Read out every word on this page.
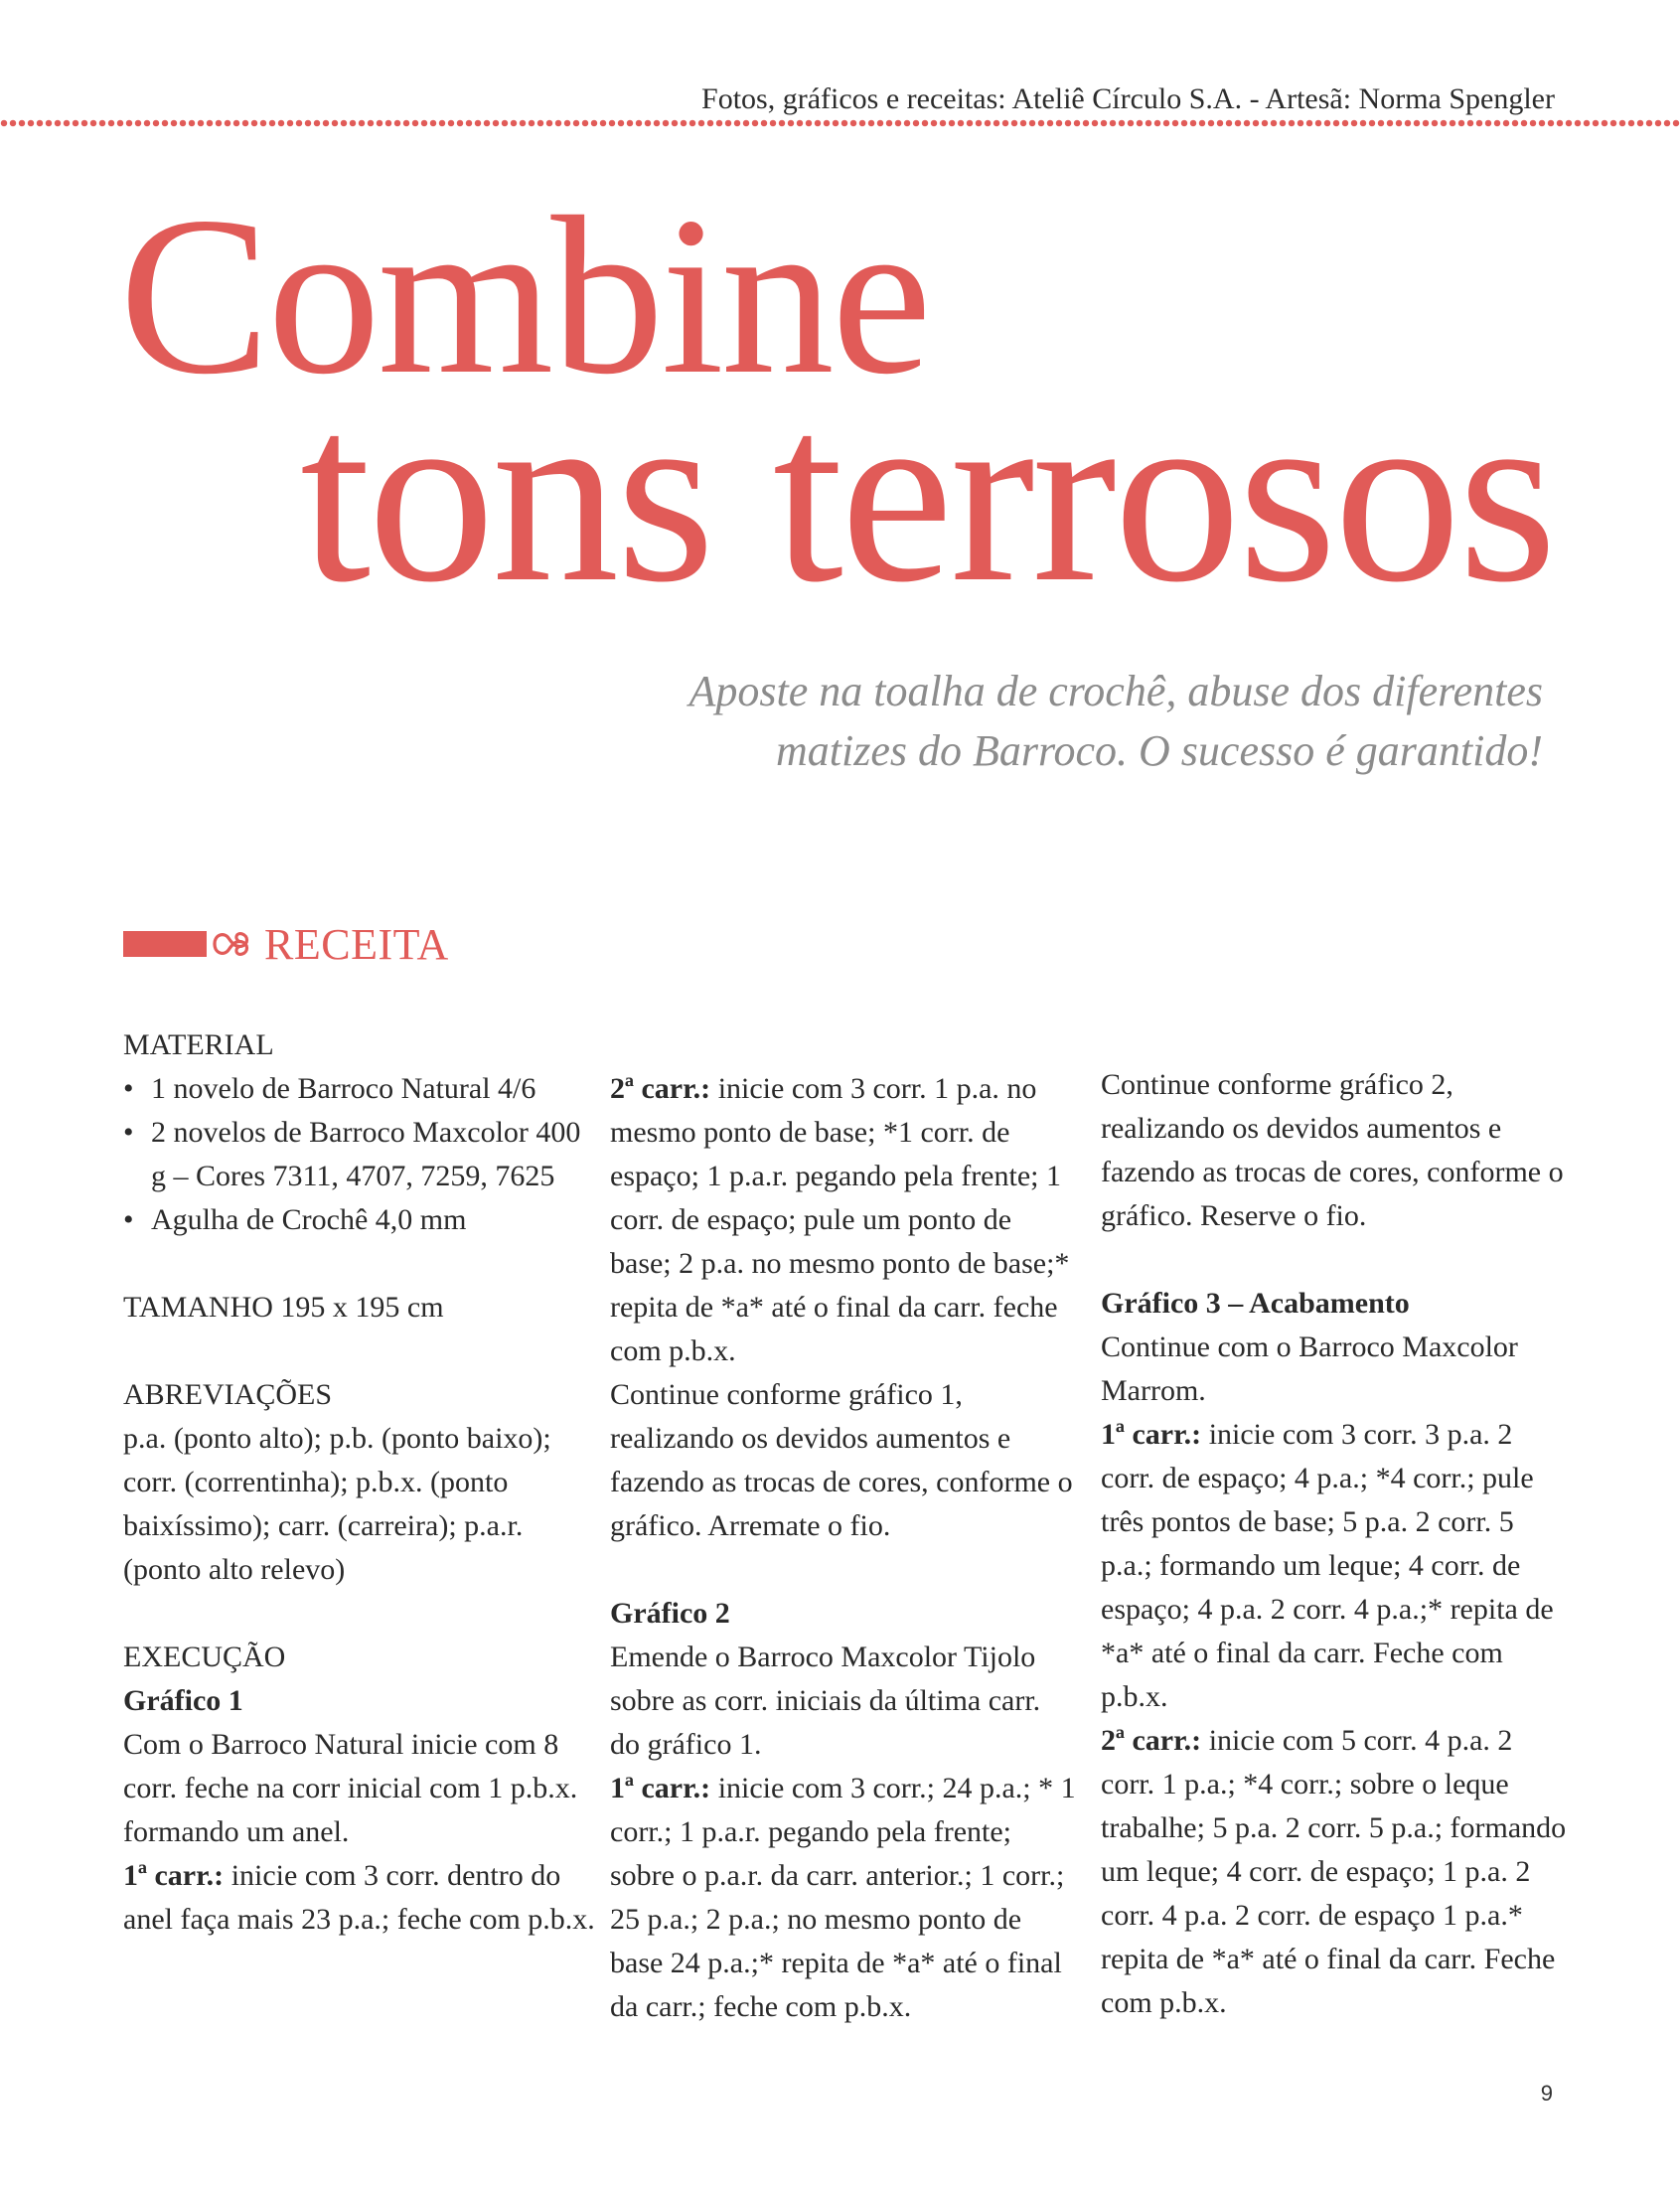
Fotos, gráficos e receitas: Ateliê Círculo S.A. - Artesã: Norma Spengler
Combine
tons terrosos
Aposte na toalha de crochê, abuse dos diferentes
matizes do Barroco. O sucesso é garantido!
RECEITA

MATERIAL

• 1 novelo de Barroco Natural 4/6
• 2 novelos de Barroco Maxcolor 400 g – Cores 7311, 4707, 7259, 7625
• Agulha de Crochê 4,0 mm

TAMANHO 195 x 195 cm

ABREVIAÇÕES

p.a. (ponto alto); p.b. (ponto baixo); corr. (correntinha); p.b.x. (ponto baixíssimo); carr. (carreira); p.a.r. (ponto alto relevo)

EXECUÇÃO

Gráfico 1

Com o Barroco Natural inicie com 8 corr. feche na corr inicial com 1 p.b.x. formando um anel.

1ª carr.: inicie com 3 corr. dentro do anel faça mais 23 p.a.; feche com p.b.x.

2ª carr.: inicie com 3 corr. 1 p.a. no mesmo ponto de base; *1 corr. de espaço; 1 p.a.r. pegando pela frente; 1 corr. de espaço; pule um ponto de base; 2 p.a. no mesmo ponto de base;* repita de *a* até o final da carr. feche com p.b.x.

Continue conforme gráfico 1, realizando os devidos aumentos e fazendo as trocas de cores, conforme o gráfico. Arremate o fio.

Gráfico 2

Emende o Barroco Maxcolor Tijolo sobre as corr. iniciais da última carr. do gráfico 1.

1ª carr.: inicie com 3 corr.; 24 p.a.; * 1 corr.; 1 p.a.r. pegando pela frente; sobre o p.a.r. da carr. anterior.; 1 corr.; 25 p.a.; 2 p.a.; no mesmo ponto de base 24 p.a.;* repita de *a* até o final da carr.; feche com p.b.x.

Continue conforme gráfico 2, realizando os devidos aumentos e fazendo as trocas de cores, conforme o gráfico. Reserve o fio.

Gráfico 3 – Acabamento

Continue com o Barroco Maxcolor Marrom.

1ª carr.: inicie com 3 corr. 3 p.a. 2 corr. de espaço; 4 p.a.; *4 corr.; pule três pontos de base; 5 p.a. 2 corr. 5 p.a.; formando um leque; 4 corr. de espaço; 4 p.a. 2 corr. 4 p.a.;* repita de *a* até o final da carr. Feche com p.b.x.

2ª carr.: inicie com 5 corr. 4 p.a. 2 corr. 1 p.a.; *4 corr.; sobre o leque trabalhe; 5 p.a. 2 corr. 5 p.a.; formando um leque; 4 corr. de espaço; 1 p.a. 2 corr. 4 p.a. 2 corr. de espaço 1 p.a.* repita de *a* até o final da carr. Feche com p.b.x.

9
